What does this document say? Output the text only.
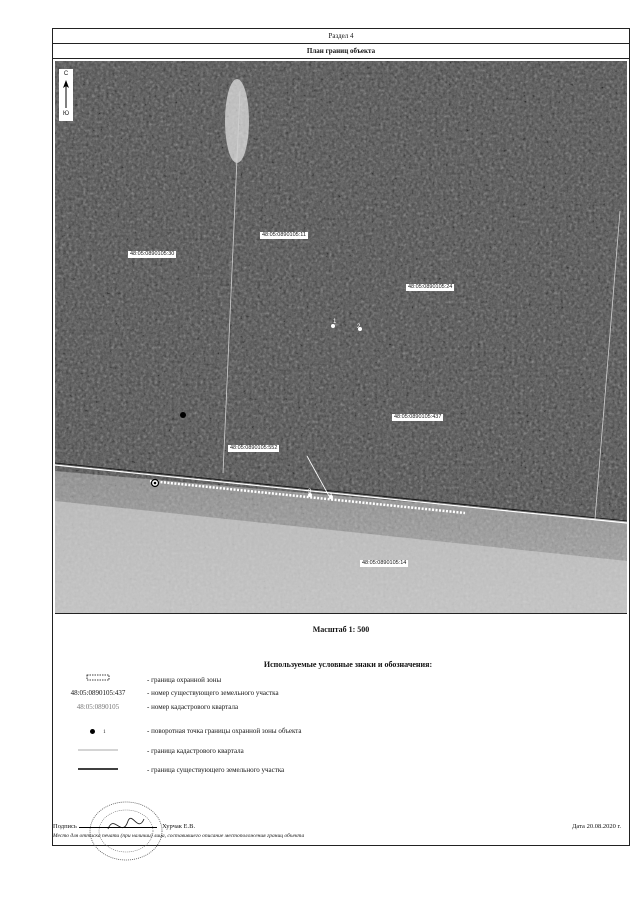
Раздел 4
План границ объекта
С
Ю
48:05:0890105:11
48:05:0890105:30
48:05:0890105:24
48:05:0890105:437
48:05:0890105:552
48:05:0890105:14
1
2
3
4
Масштаб 1: 500
Используемые условные знаки и обозначения:
- граница охранной зоны
48:05:0890105:437	- номер существующего земельного участка
48:05:0890105	- номер кадастрового квартала
1	- поворотная точка границы охранной зоны объекта
- граница кадастрового квартала
- граница существующего земельного участка
Подпись	Хурчак Е.В.	Дата 20.08.2020 г.
Место для оттиска печати (при наличии) лица, составившего описание местоположения границ объекта
